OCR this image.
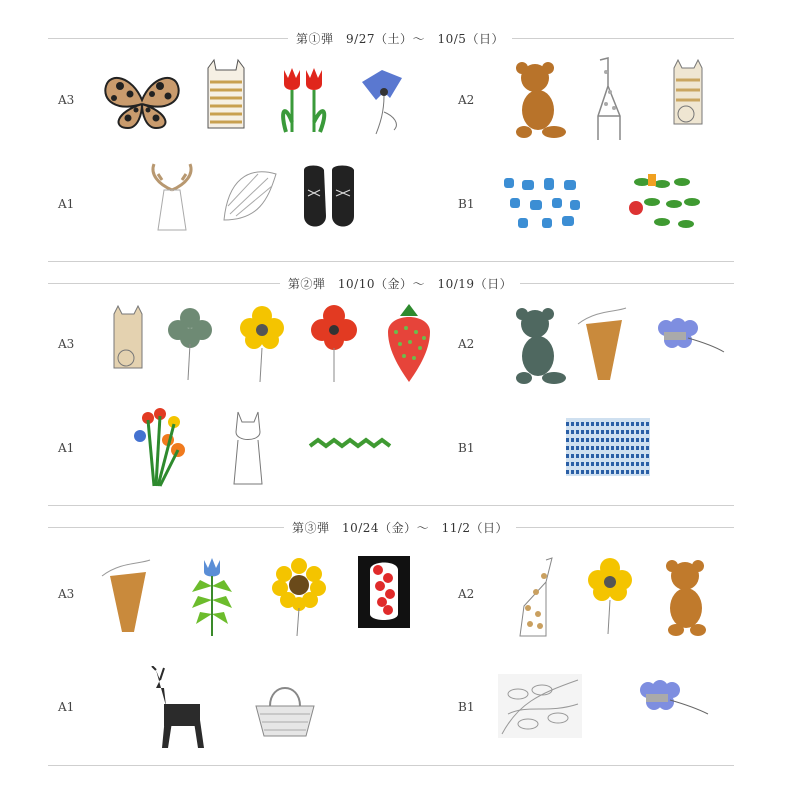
第①弾　9/27（土）〜　10/5（日）
A3	A2
A1	B1
第②弾　10/10（金）〜　10/19（日）
A3	A2
A1	B1
第③弾　10/24（金）〜　11/2（日）
A3	A2
A1	B1
